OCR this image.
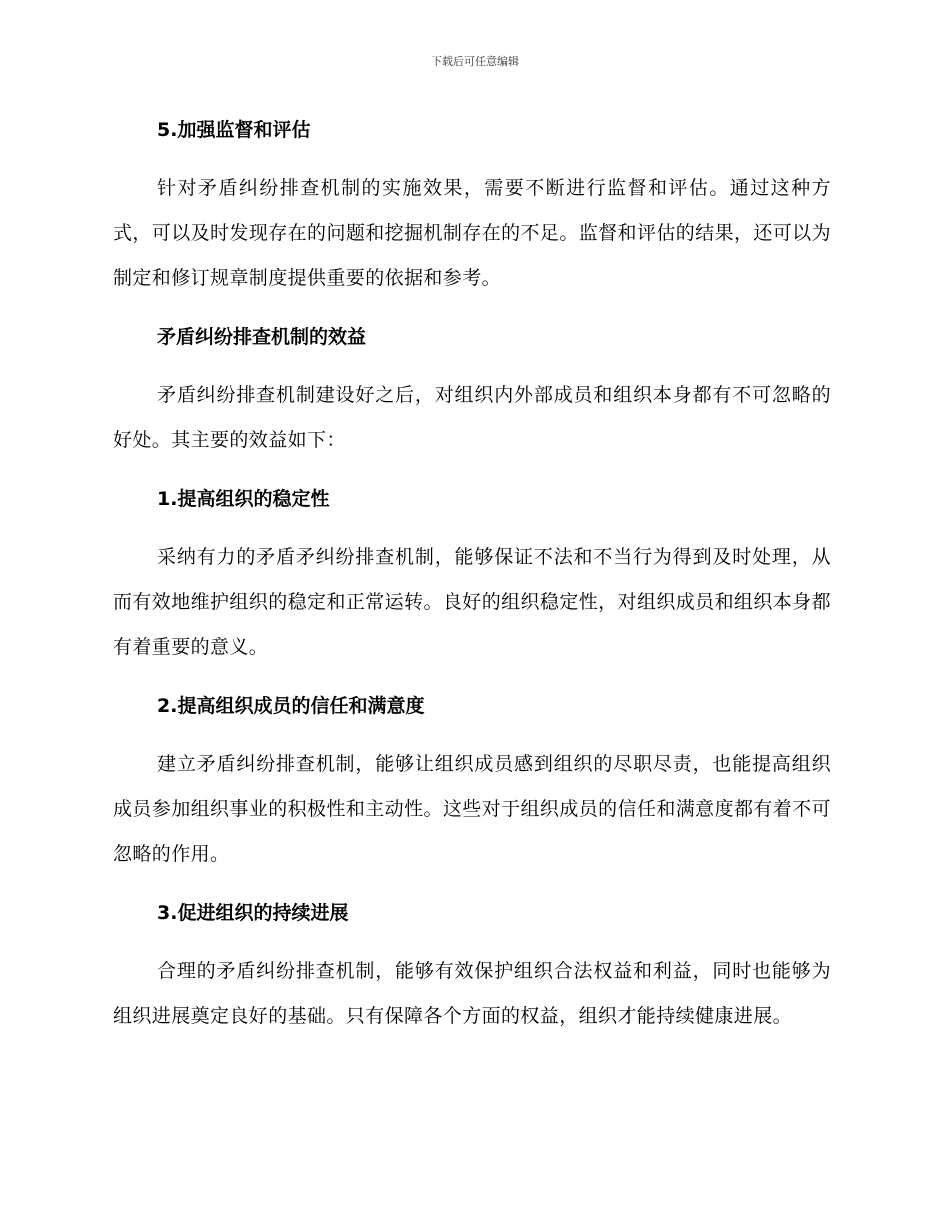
下载后可任意编辑
5.加强监督和评估

针对矛盾纠纷排查机制的实施效果，需要不断进行监督和评估。通过这种方式，可以及时发现存在的问题和挖掘机制存在的不足。监督和评估的结果，还可以为制定和修订规章制度提供重要的依据和参考。

矛盾纠纷排查机制的效益

矛盾纠纷排查机制建设好之后，对组织内外部成员和组织本身都有不可忽略的好处。其主要的效益如下：

1.提高组织的稳定性

采纳有力的矛盾矛纠纷排查机制，能够保证不法和不当行为得到及时处理，从而有效地维护组织的稳定和正常运转。良好的组织稳定性，对组织成员和组织本身都有着重要的意义。

2.提高组织成员的信任和满意度

建立矛盾纠纷排查机制，能够让组织成员感到组织的尽职尽责，也能提高组织成员参加组织事业的积极性和主动性。这些对于组织成员的信任和满意度都有着不可忽略的作用。

3.促进组织的持续进展

合理的矛盾纠纷排查机制，能够有效保护组织合法权益和利益，同时也能够为组织进展奠定良好的基础。只有保障各个方面的权益，组织才能持续健康进展。
